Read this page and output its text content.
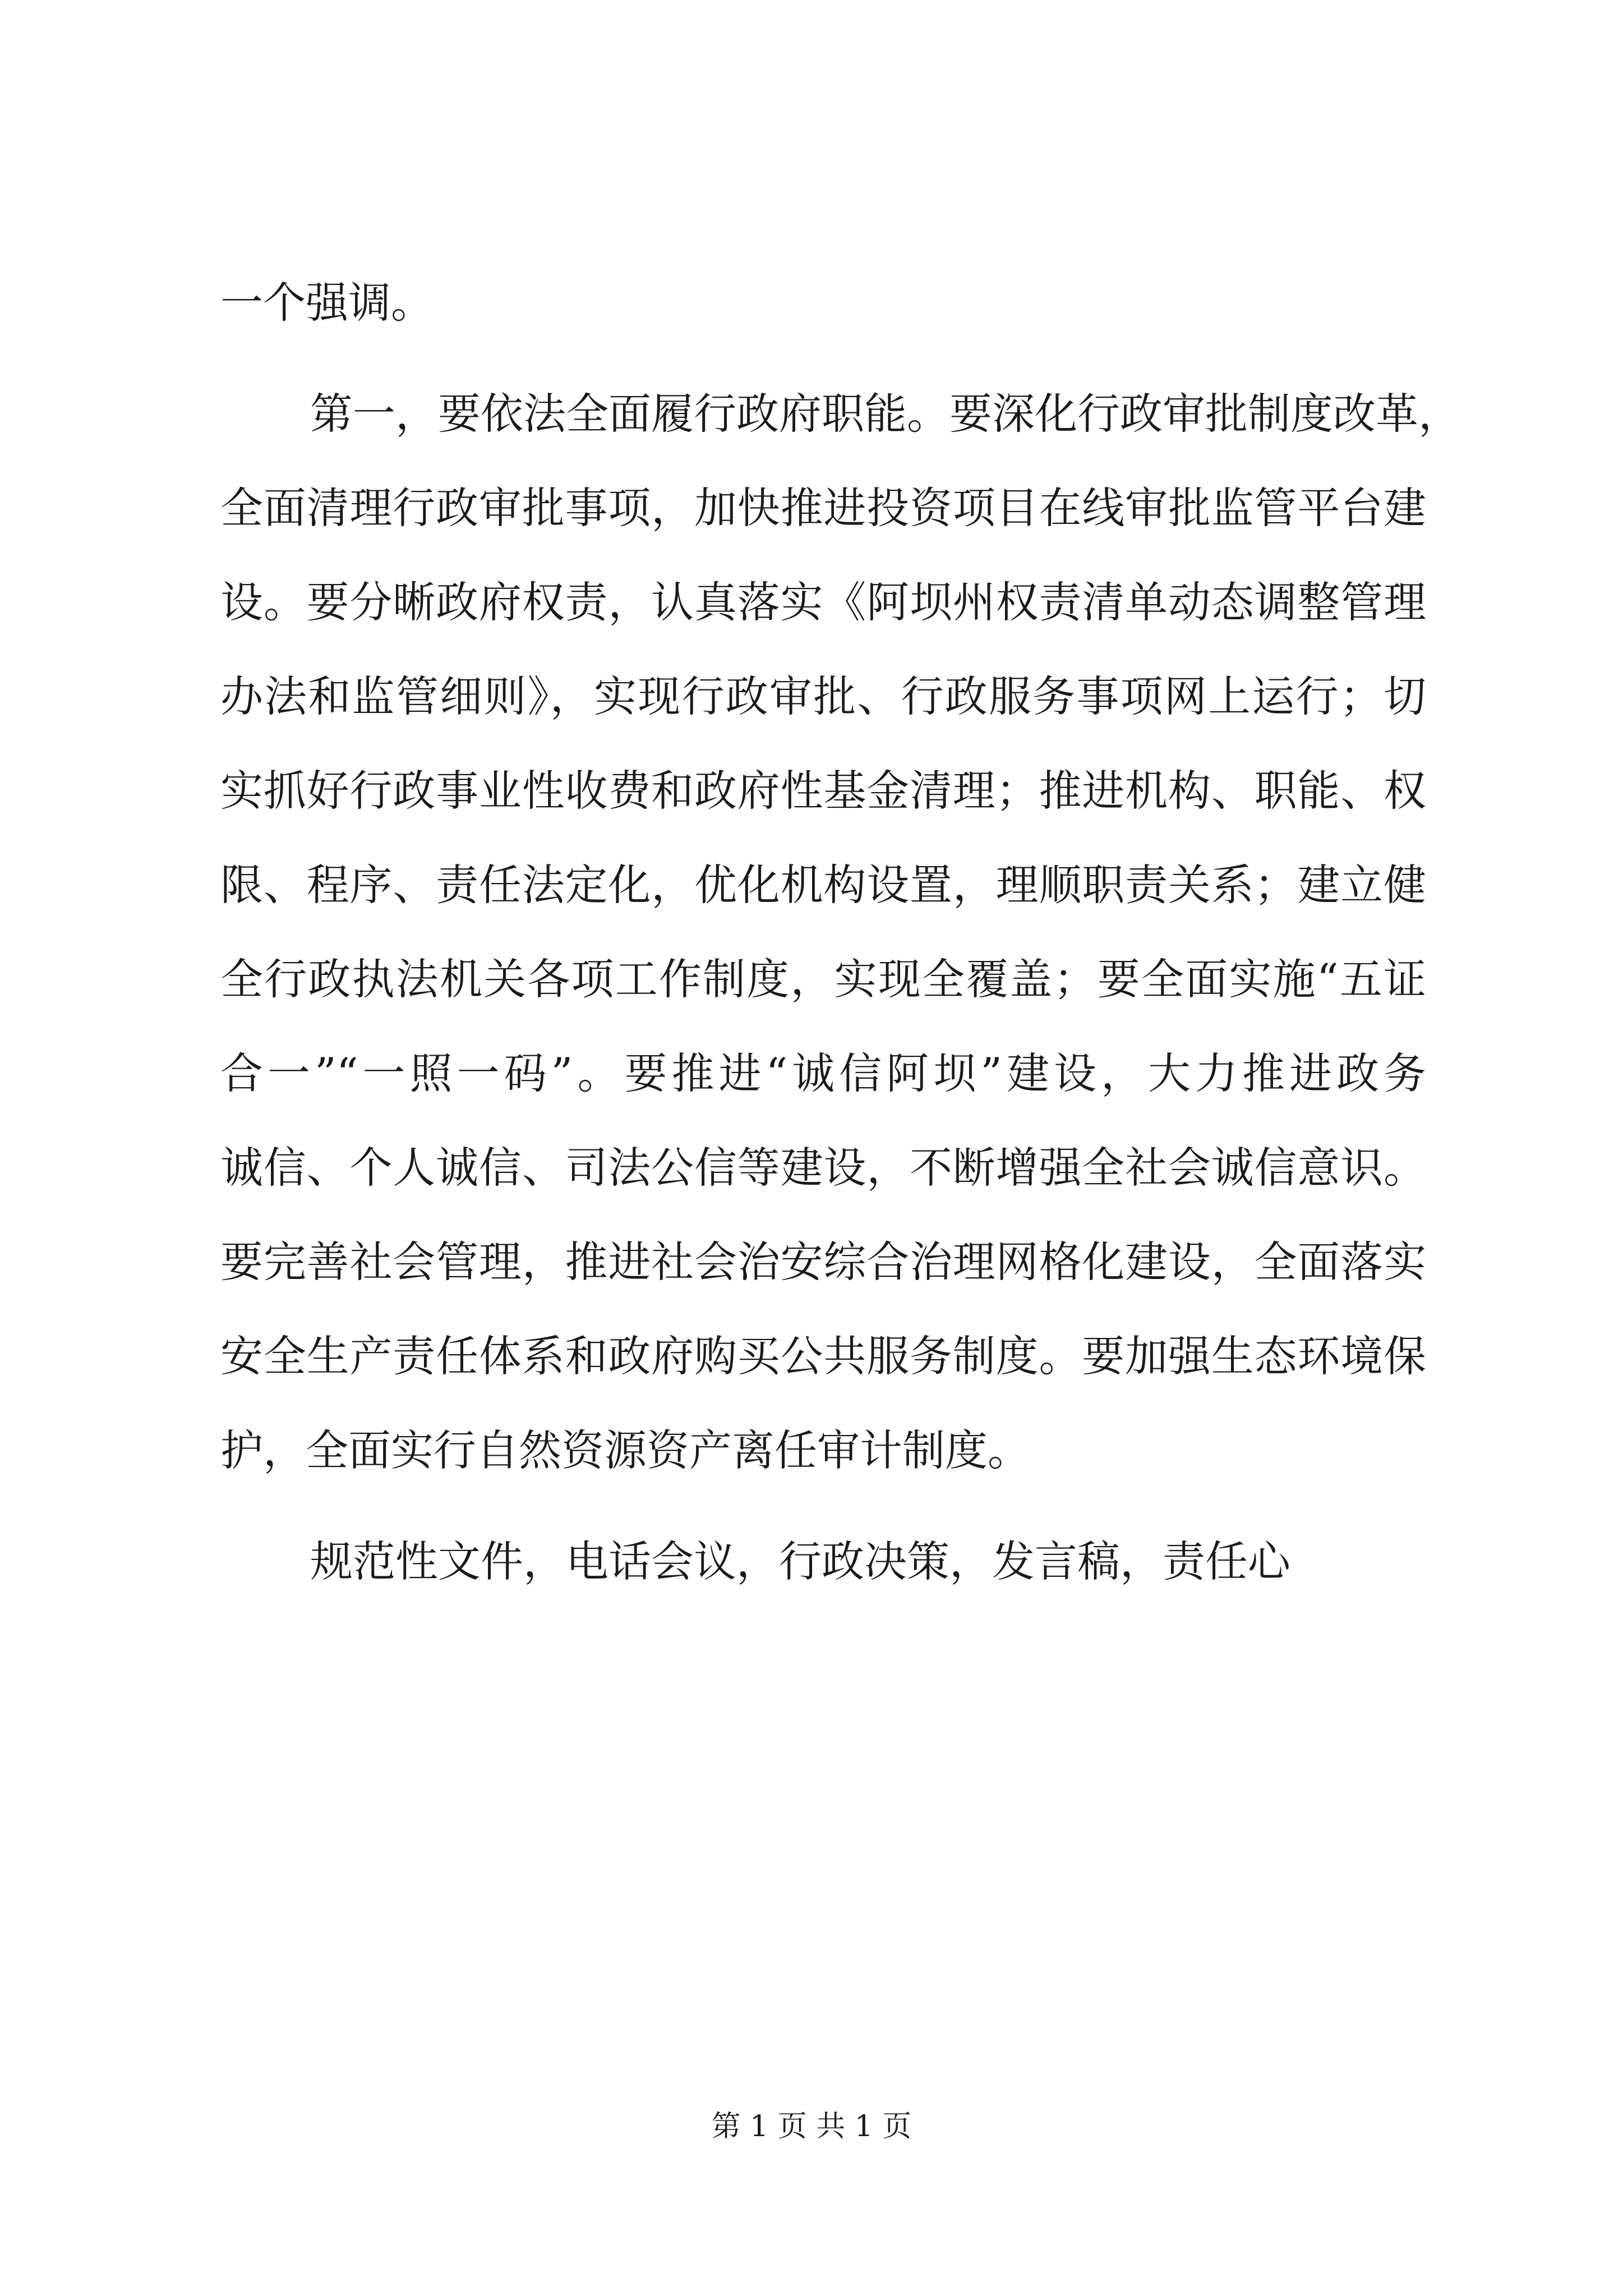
一个强调。
第一，要依法全面履行政府职能。要深化行政审批制度改革，
全面清理行政审批事项，加快推进投资项目在线审批监管平台建
设。要分晰政府权责，认真落实《阿坝州权责清单动态调整管理
办法和监管细则》，实现行政审批、行政服务事项网上运行；切
实抓好行政事业性收费和政府性基金清理；推进机构、职能、权
限、程序、责任法定化，优化机构设置，理顺职责关系；建立健
全行政执法机关各项工作制度，实现全覆盖；要全面实施“五证
合一”“一照一码”。要推进“诚信阿坝”建设，大力推进政务
诚信、个人诚信、司法公信等建设，不断增强全社会诚信意识。
要完善社会管理，推进社会治安综合治理网格化建设，全面落实
安全生产责任体系和政府购买公共服务制度。要加强生态环境保
护，全面实行自然资源资产离任审计制度。
规范性文件，电话会议，行政决策，发言稿，责任心
第 1 页 共 1 页
